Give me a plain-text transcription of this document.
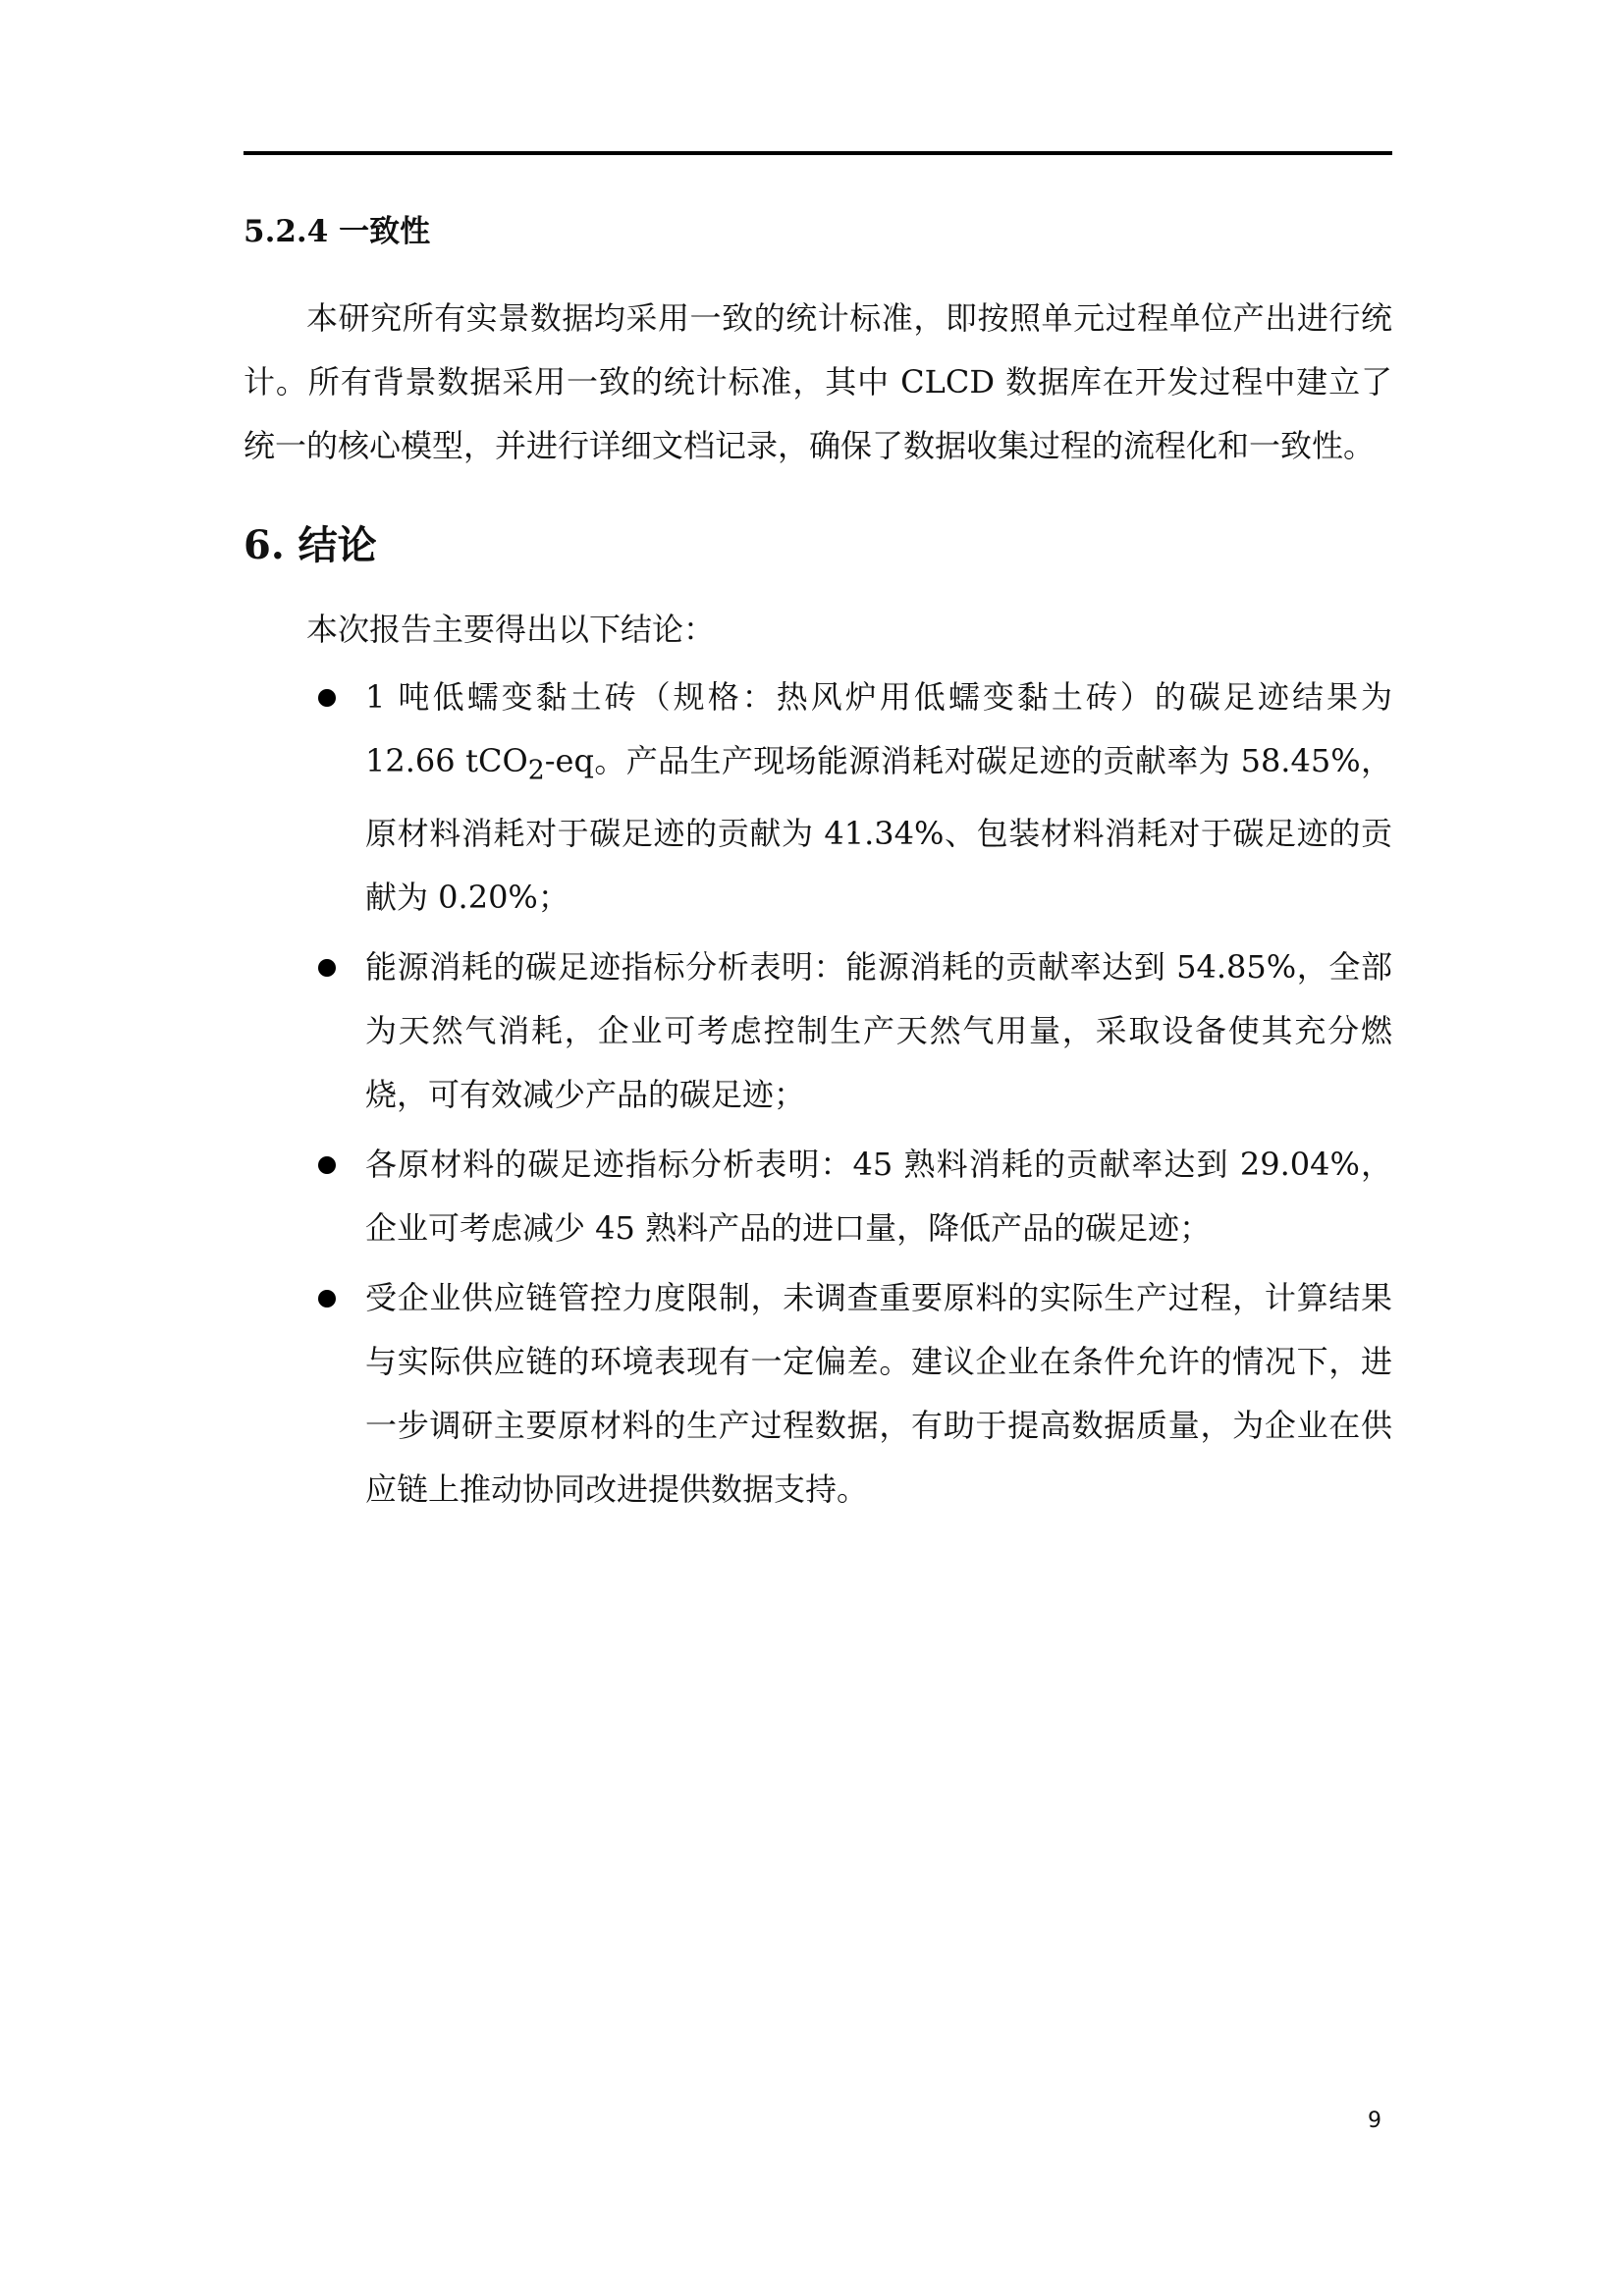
5.2.4 一致性

本研究所有实景数据均采用一致的统计标准，即按照单元过程单位产出进行统计。所有背景数据采用一致的统计标准，其中 CLCD 数据库在开发过程中建立了统一的核心模型，并进行详细文档记录，确保了数据收集过程的流程化和一致性。

6. 结论

本次报告主要得出以下结论：

1 吨低蠕变黏土砖（规格：热风炉用低蠕变黏土砖）的碳足迹结果为 12.66 tCO$_2$-eq。产品生产现场能源消耗对碳足迹的贡献率为 58.45%，原材料消耗对于碳足迹的贡献为 41.34%、包装材料消耗对于碳足迹的贡献为 0.20%；
能源消耗的碳足迹指标分析表明：能源消耗的贡献率达到 54.85%，全部为天然气消耗，企业可考虑控制生产天然气用量，采取设备使其充分燃烧，可有效减少产品的碳足迹；
各原材料的碳足迹指标分析表明：45 熟料消耗的贡献率达到 29.04%，企业可考虑减少 45 熟料产品的进口量，降低产品的碳足迹；
受企业供应链管控力度限制，未调查重要原料的实际生产过程，计算结果与实际供应链的环境表现有一定偏差。建议企业在条件允许的情况下，进一步调研主要原材料的生产过程数据，有助于提高数据质量，为企业在供应链上推动协同改进提供数据支持。
9
